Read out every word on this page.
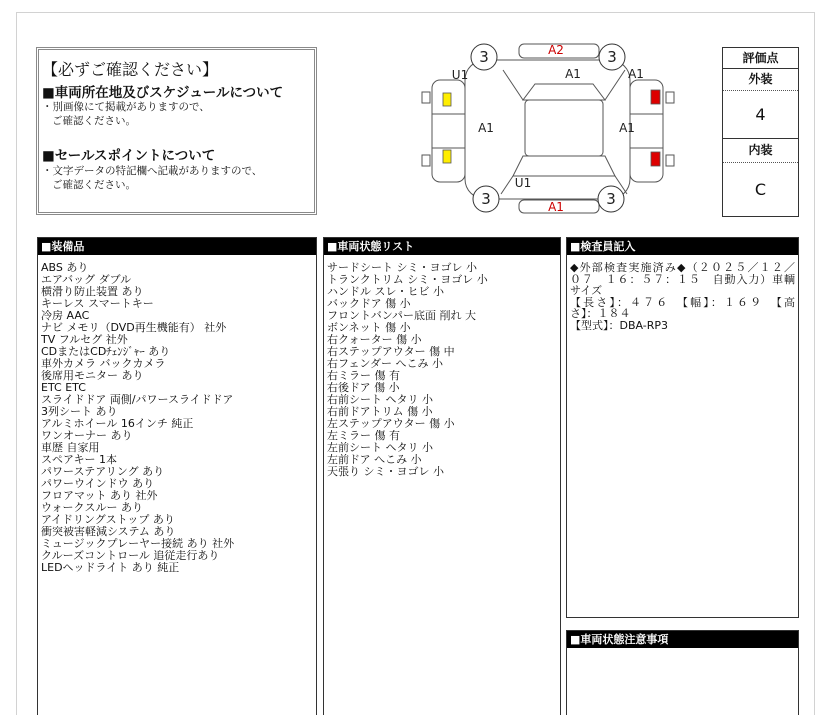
【必ずご確認ください】
■車両所在地及びスケジュールについて
・別画像にて掲載がありますので、
ご確認ください。
■セールスポイントについて
・文字データの特記欄へ記載がありますので、
ご確認ください。
3	3
3	3
A2
U1	A1	A1
A1	A1
U1
A1
評価点
外装
4
内装
C
■装備品
ABS あり
エアバッグ ダブル
横滑り防止装置 あり
キーレス スマートキー
冷房 AAC
ナビ メモリ（DVD再生機能有） 社外
TV フルセグ 社外
CDまたはCDﾁｪﾝｼﾞｬｰ あり
車外カメラ バックカメラ
後席用モニター あり
ETC ETC
スライドドア 両側/パワースライドドア
3列シート あり
アルミホイール 16インチ 純正
ワンオーナー あり
車歴 自家用
スペアキー 1本
パワーステアリング あり
パワーウインドウ あり
フロアマット あり 社外
ウォークスルー あり
アイドリングストップ あり
衝突被害軽減システム あり
ミュージックプレーヤー接続 あり 社外
クルーズコントロール 追従走行あり
LEDヘッドライト あり 純正
■車両状態リスト
サードシート シミ・ヨゴレ 小
トランクトリム シミ・ヨゴレ 小
ハンドル スレ・ヒビ 小
バックドア 傷 小
フロントバンパー底面 削れ 大
ボンネット 傷 小
右クォーター 傷 小
右ステップアウター 傷 中
右フェンダー へこみ 小
右ミラー 傷 有
右後ドア 傷 小
右前シート ヘタリ 小
右前ドアトリム 傷 小
左ステップアウター 傷 小
左ミラー 傷 有
左前シート ヘタリ 小
左前ドア へこみ 小
天張り シミ・ヨゴレ 小
■検査員記入
◆外部検査実施済み◆（２０２５／１２／
０７　１６：５７：１５　自動入力）車輌
サイズ
【長さ】：４７６　【幅】：１６９　【高
さ】：１８４
【型式】：DBA-RP3
■車両状態注意事項
